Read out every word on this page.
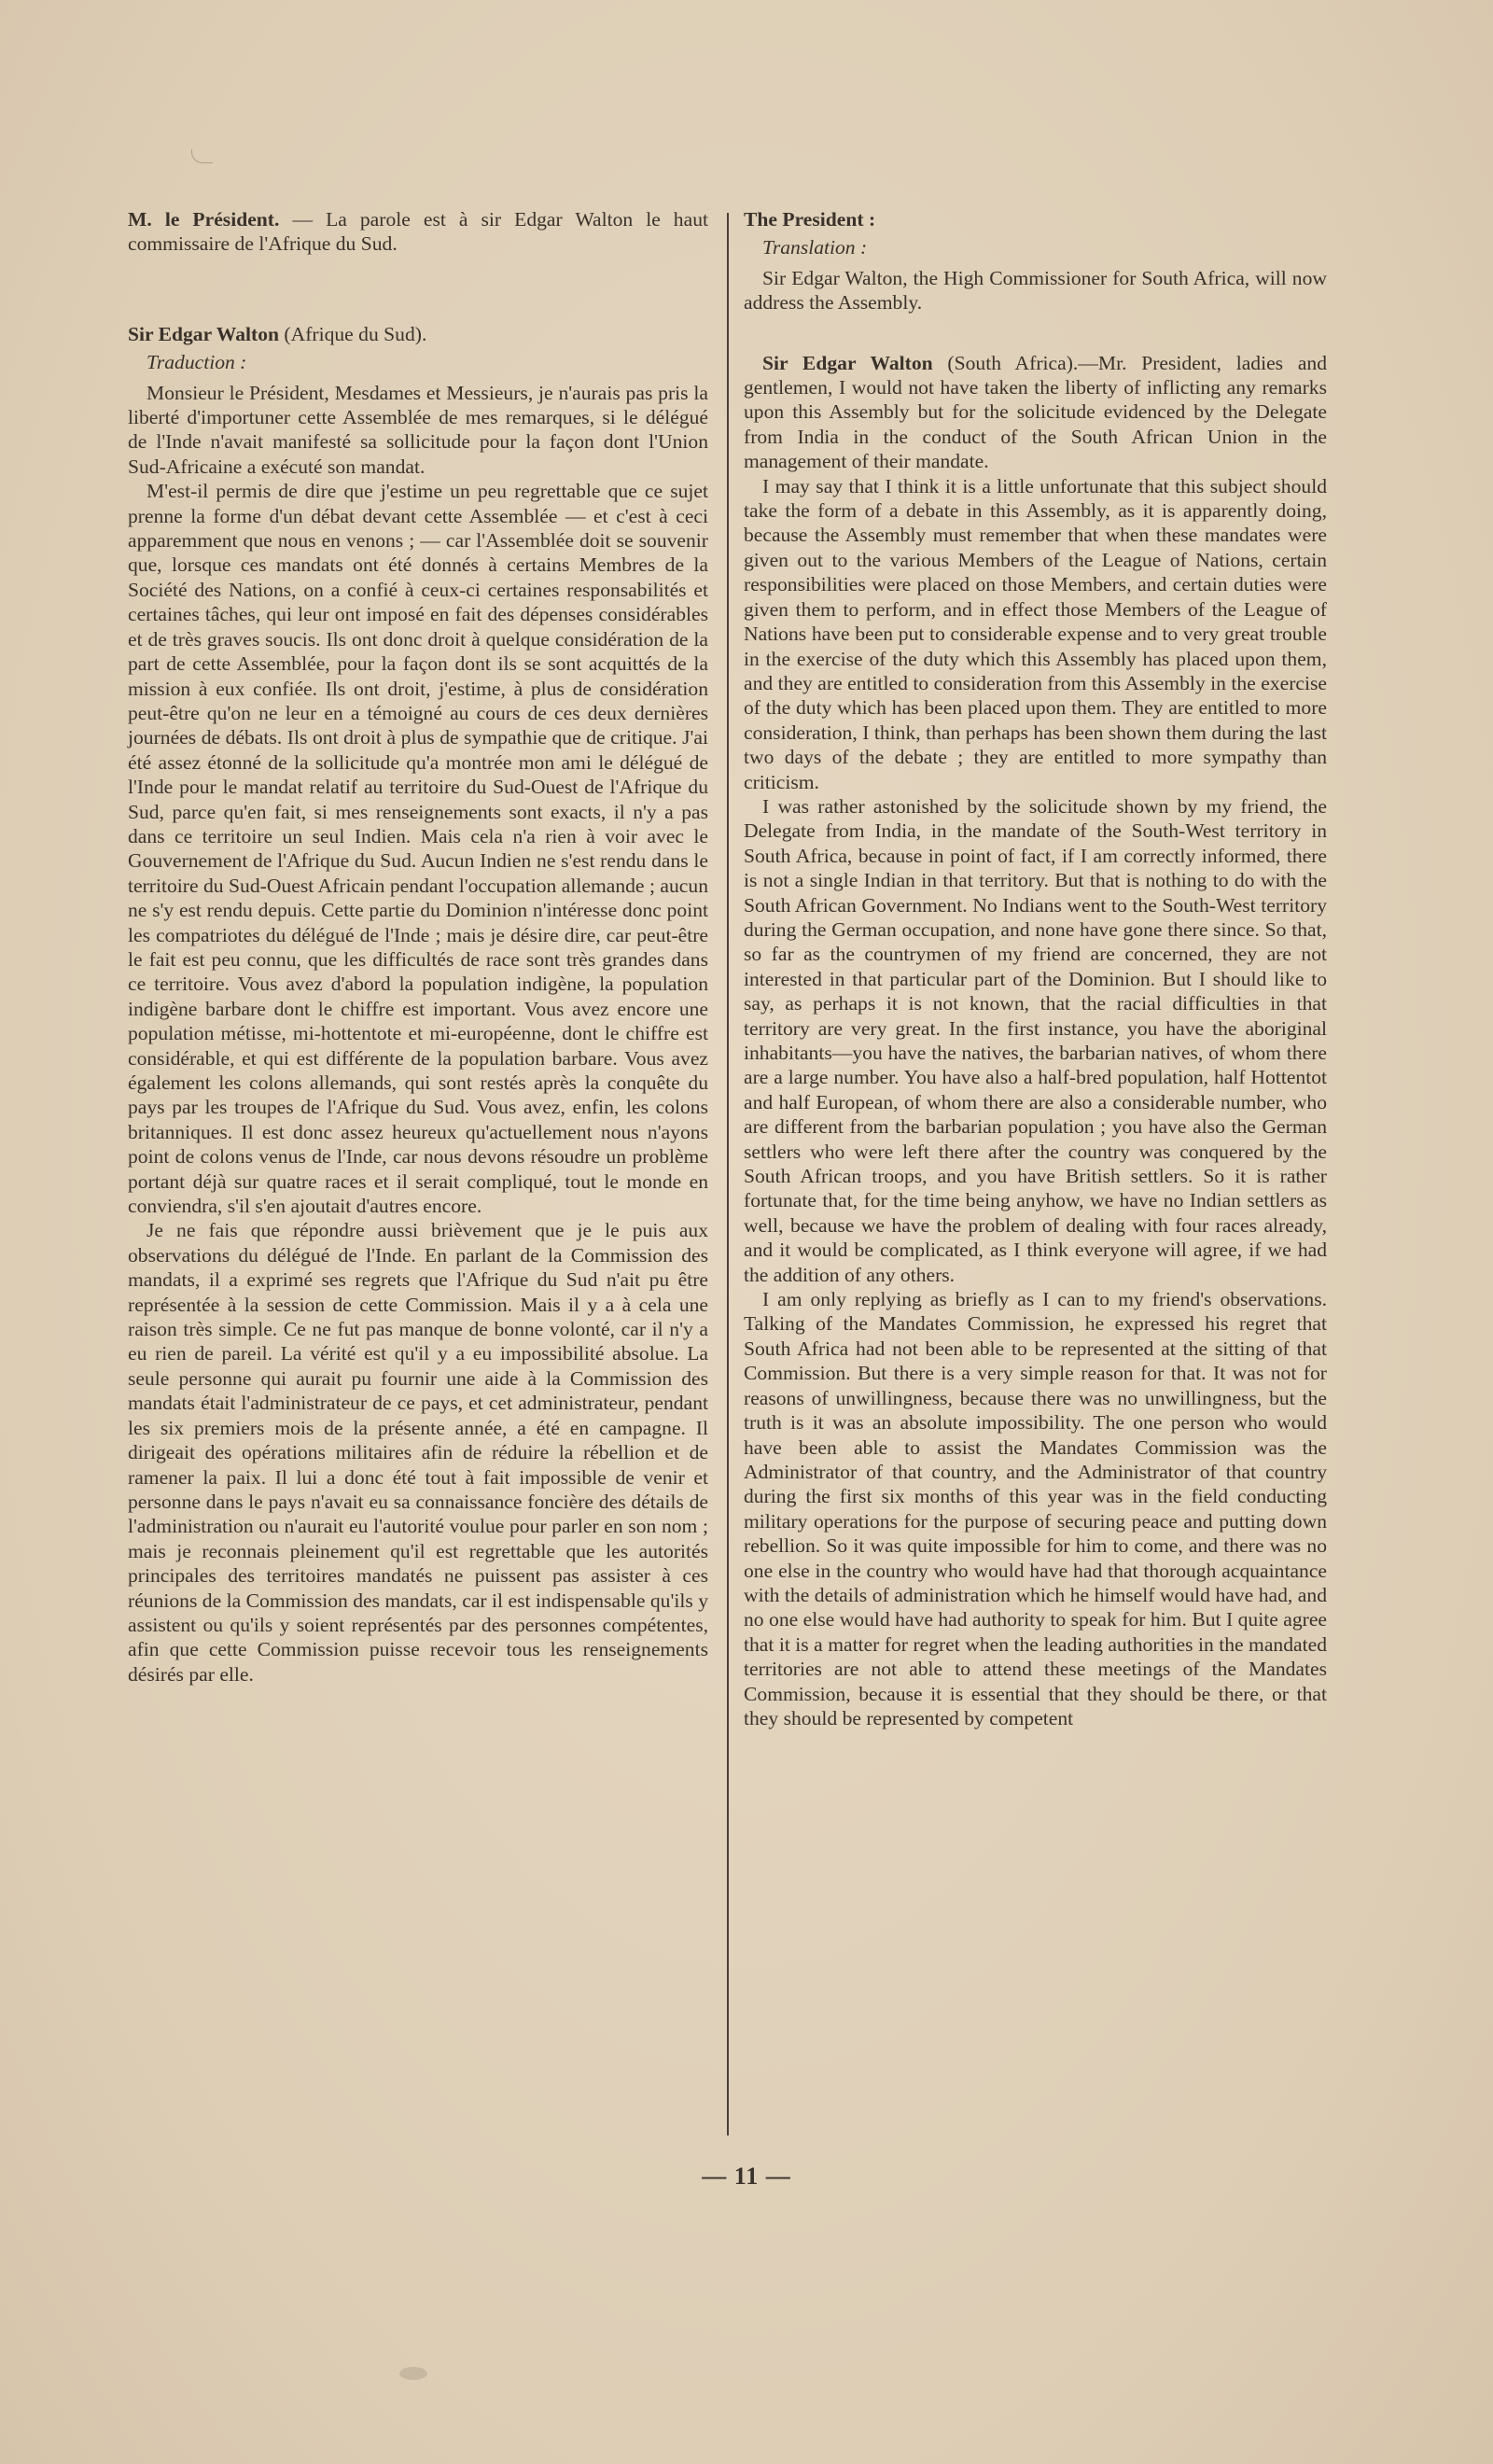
M. le Président. — La parole est à sir Edgar Walton le haut commissaire de l'Afrique du Sud.

Sir Edgar Walton (Afrique du Sud).

Traduction :

Monsieur le Président, Mesdames et Messieurs, je n'aurais pas pris la liberté d'importuner cette Assemblée de mes remarques, si le délégué de l'Inde n'avait manifesté sa sollicitude pour la façon dont l'Union Sud-Africaine a exécuté son mandat.

M'est-il permis de dire que j'estime un peu regrettable que ce sujet prenne la forme d'un débat devant cette Assemblée — et c'est à ceci apparemment que nous en venons ; — car l'Assemblée doit se souvenir que, lorsque ces mandats ont été donnés à certains Membres de la Société des Nations, on a confié à ceux-ci certaines responsabilités et certaines tâches, qui leur ont imposé en fait des dépenses considérables et de très graves soucis. Ils ont donc droit à quelque considération de la part de cette Assemblée, pour la façon dont ils se sont acquittés de la mission à eux confiée. Ils ont droit, j'estime, à plus de considération peut-être qu'on ne leur en a témoigné au cours de ces deux dernières journées de débats. Ils ont droit à plus de sympathie que de critique. J'ai été assez étonné de la sollicitude qu'a montrée mon ami le délégué de l'Inde pour le mandat relatif au territoire du Sud-Ouest de l'Afrique du Sud, parce qu'en fait, si mes renseignements sont exacts, il n'y a pas dans ce territoire un seul Indien. Mais cela n'a rien à voir avec le Gouvernement de l'Afrique du Sud. Aucun Indien ne s'est rendu dans le territoire du Sud-Ouest Africain pendant l'occupation allemande ; aucun ne s'y est rendu depuis. Cette partie du Dominion n'intéresse donc point les compatriotes du délégué de l'Inde ; mais je désire dire, car peut-être le fait est peu connu, que les difficultés de race sont très grandes dans ce territoire. Vous avez d'abord la population indigène, la population indigène barbare dont le chiffre est important. Vous avez encore une population métisse, mi-hottentote et mi-européenne, dont le chiffre est considérable, et qui est différente de la population barbare. Vous avez également les colons allemands, qui sont restés après la conquête du pays par les troupes de l'Afrique du Sud. Vous avez, enfin, les colons britanniques. Il est donc assez heureux qu'actuellement nous n'ayons point de colons venus de l'Inde, car nous devons résoudre un problème portant déjà sur quatre races et il serait compliqué, tout le monde en conviendra, s'il s'en ajoutait d'autres encore.

Je ne fais que répondre aussi brièvement que je le puis aux observations du délégué de l'Inde. En parlant de la Commission des mandats, il a exprimé ses regrets que l'Afrique du Sud n'ait pu être représentée à la session de cette Commission. Mais il y a à cela une raison très simple. Ce ne fut pas manque de bonne volonté, car il n'y a eu rien de pareil. La vérité est qu'il y a eu impossibilité absolue. La seule personne qui aurait pu fournir une aide à la Commission des mandats était l'administrateur de ce pays, et cet administrateur, pendant les six premiers mois de la présente année, a été en campagne. Il dirigeait des opérations militaires afin de réduire la rébellion et de ramener la paix. Il lui a donc été tout à fait impossible de venir et personne dans le pays n'avait eu sa connaissance foncière des détails de l'administration ou n'aurait eu l'autorité voulue pour parler en son nom ; mais je reconnais pleinement qu'il est regrettable que les autorités principales des territoires mandatés ne puissent pas assister à ces réunions de la Commission des mandats, car il est indispensable qu'ils y assistent ou qu'ils y soient représentés par des personnes compétentes, afin que cette Commission puisse recevoir tous les renseignements désirés par elle.

The President :

Translation :

Sir Edgar Walton, the High Commissioner for South Africa, will now address the Assembly.

Sir Edgar Walton (South Africa).—Mr. President, ladies and gentlemen, I would not have taken the liberty of inflicting any remarks upon this Assembly but for the solicitude evidenced by the Delegate from India in the conduct of the South African Union in the management of their mandate.

I may say that I think it is a little unfortunate that this subject should take the form of a debate in this Assembly, as it is apparently doing, because the Assembly must remember that when these mandates were given out to the various Members of the League of Nations, certain responsibilities were placed on those Members, and certain duties were given them to perform, and in effect those Members of the League of Nations have been put to considerable expense and to very great trouble in the exercise of the duty which this Assembly has placed upon them, and they are entitled to consideration from this Assembly in the exercise of the duty which has been placed upon them. They are entitled to more consideration, I think, than perhaps has been shown them during the last two days of the debate ; they are entitled to more sympathy than criticism.

I was rather astonished by the solicitude shown by my friend, the Delegate from India, in the mandate of the South-West territory in South Africa, because in point of fact, if I am correctly informed, there is not a single Indian in that territory. But that is nothing to do with the South African Government. No Indians went to the South-West territory during the German occupation, and none have gone there since. So that, so far as the countrymen of my friend are concerned, they are not interested in that particular part of the Dominion. But I should like to say, as perhaps it is not known, that the racial difficulties in that territory are very great. In the first instance, you have the aboriginal inhabitants—you have the natives, the barbarian natives, of whom there are a large number. You have also a half-bred population, half Hottentot and half European, of whom there are also a considerable number, who are different from the barbarian population ; you have also the German settlers who were left there after the country was conquered by the South African troops, and you have British settlers. So it is rather fortunate that, for the time being anyhow, we have no Indian settlers as well, because we have the problem of dealing with four races already, and it would be complicated, as I think everyone will agree, if we had the addition of any others.

I am only replying as briefly as I can to my friend's observations. Talking of the Mandates Commission, he expressed his regret that South Africa had not been able to be represented at the sitting of that Commission. But there is a very simple reason for that. It was not for reasons of unwillingness, because there was no unwillingness, but the truth is it was an absolute impossibility. The one person who would have been able to assist the Mandates Commission was the Administrator of that country, and the Administrator of that country during the first six months of this year was in the field conducting military operations for the purpose of securing peace and putting down rebellion. So it was quite impossible for him to come, and there was no one else in the country who would have had that thorough acquaintance with the details of administration which he himself would have had, and no one else would have had authority to speak for him. But I quite agree that it is a matter for regret when the leading authorities in the mandated territories are not able to attend these meetings of the Mandates Commission, because it is essential that they should be there, or that they should be represented by competent

— 11 —
